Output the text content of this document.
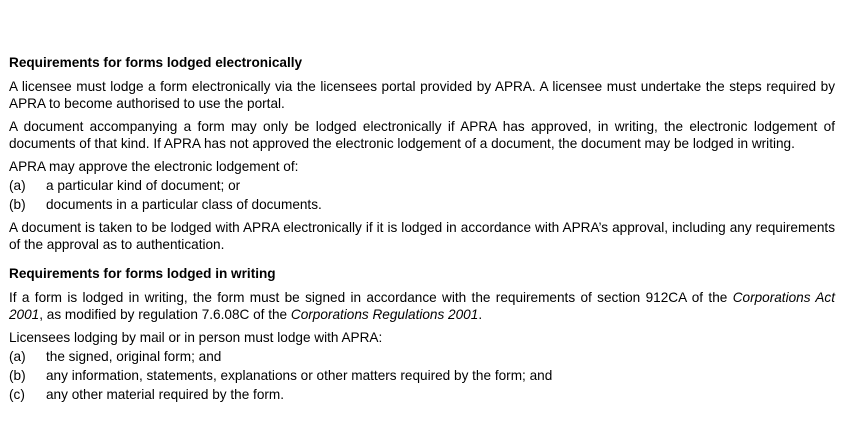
Requirements for forms lodged electronically
A licensee must lodge a form electronically via the licensees portal provided by APRA. A licensee must undertake the steps required by APRA to become authorised to use the portal.
A document accompanying a form may only be lodged electronically if APRA has approved, in writing, the electronic lodgement of documents of that kind. If APRA has not approved the electronic lodgement of a document, the document may be lodged in writing.
APRA may approve the electronic lodgement of:
(a)	a particular kind of document; or
(b)	documents in a particular class of documents.
A document is taken to be lodged with APRA electronically if it is lodged in accordance with APRA’s approval, including any requirements of the approval as to authentication.
Requirements for forms lodged in writing
If a form is lodged in writing, the form must be signed in accordance with the requirements of section 912CA of the Corporations Act 2001, as modified by regulation 7.6.08C of the Corporations Regulations 2001.
Licensees lodging by mail or in person must lodge with APRA:
(a)	the signed, original form; and
(b)	any information, statements, explanations or other matters required by the form; and
(c)	any other material required by the form.
